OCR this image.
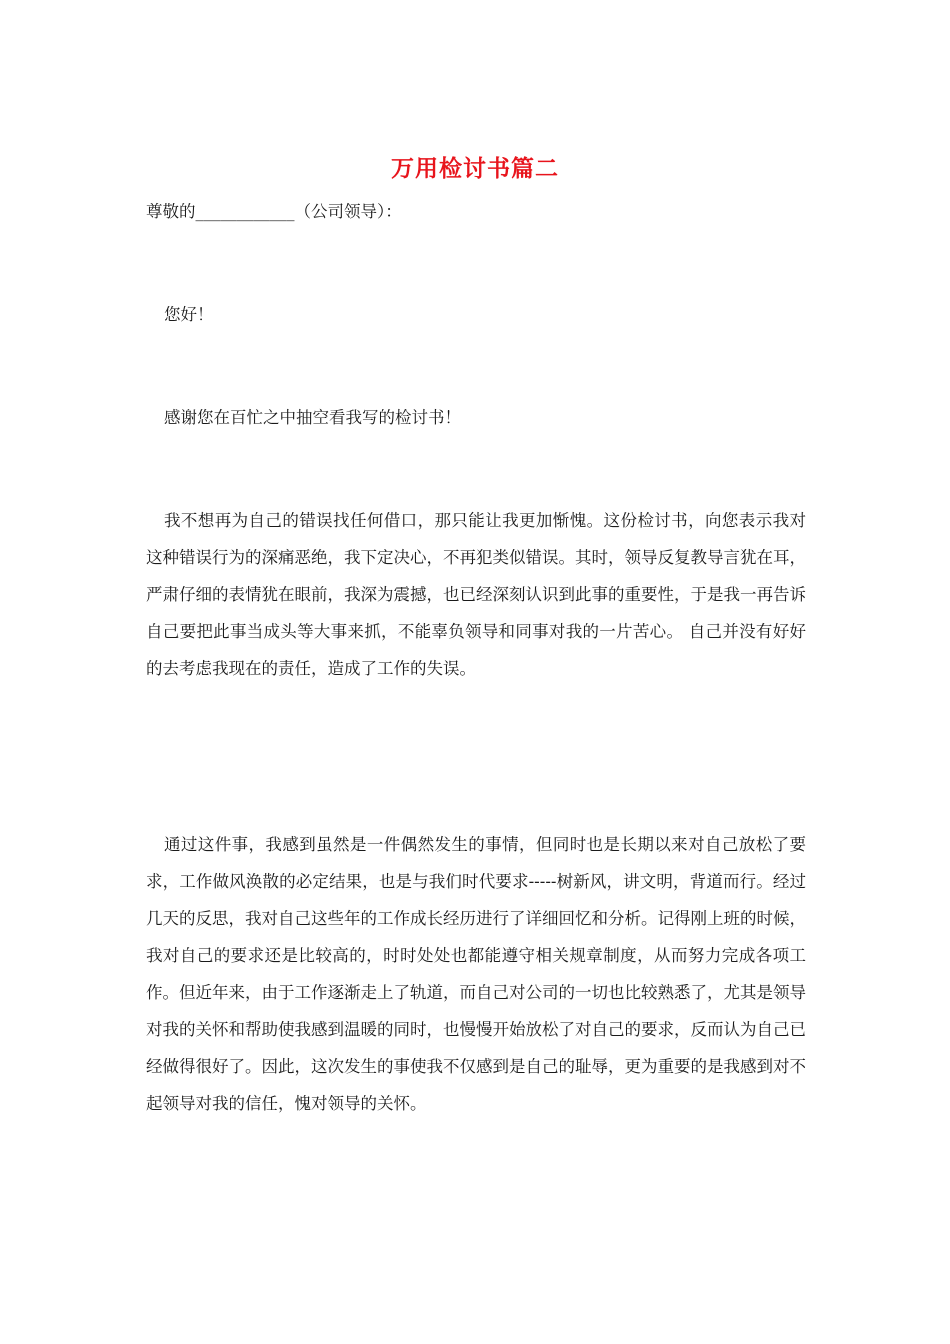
万用检讨书篇二
尊敬的____________（公司领导）：

您好！

感谢您在百忙之中抽空看我写的检讨书！

我不想再为自己的错误找任何借口，那只能让我更加惭愧。这份检讨书，向您表示我对这种错误行为的深痛恶绝，我下定决心，不再犯类似错误。其时，领导反复教导言犹在耳，严肃仔细的表情犹在眼前，我深为震撼，也已经深刻认识到此事的重要性，于是我一再告诉自己要把此事当成头等大事来抓，不能辜负领导和同事对我的一片苦心。 自己并没有好好的去考虑我现在的责任，造成了工作的失误。

通过这件事，我感到虽然是一件偶然发生的事情，但同时也是长期以来对自己放松了要求，工作做风涣散的必定结果，也是与我们时代要求-----树新风，讲文明，背道而行。经过几天的反思，我对自己这些年的工作成长经历进行了详细回忆和分析。记得刚上班的时候，我对自己的要求还是比较高的，时时处处也都能遵守相关规章制度，从而努力完成各项工作。但近年来，由于工作逐渐走上了轨道，而自己对公司的一切也比较熟悉了，尤其是领导对我的关怀和帮助使我感到温暖的同时，也慢慢开始放松了对自己的要求，反而认为自己已经做得很好了。因此，这次发生的事使我不仅感到是自己的耻辱，更为重要的是我感到对不起领导对我的信任，愧对领导的关怀。
